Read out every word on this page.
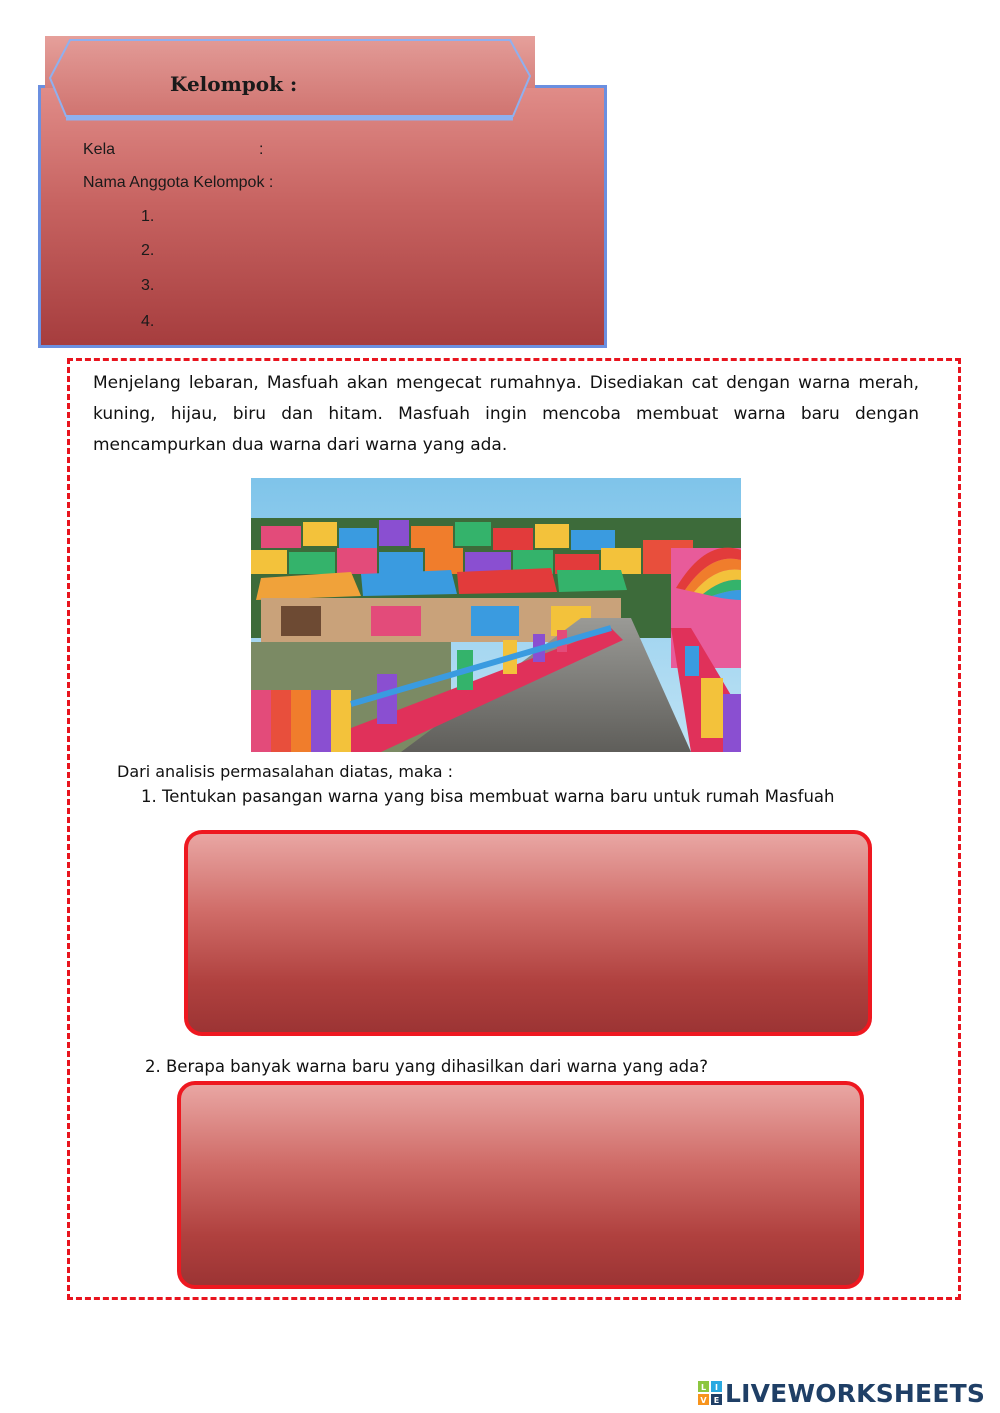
Kelompok :
Kela	:
Nama Anggota Kelompok :
1.
2.
3.
4.

Menjelang lebaran, Masfuah akan mengecat rumahnya. Disediakan cat dengan warna merah, kuning, hijau, biru dan hitam. Masfuah ingin mencoba membuat warna baru dengan mencampurkan dua warna dari warna yang ada.

Dari analisis permasalahan diatas, maka :
1. Tentukan pasangan warna yang bisa membuat warna baru untuk rumah Masfuah
2. Berapa banyak warna baru yang dihasilkan dari warna yang ada?
L I
V E LIVEWORKSHEETS
